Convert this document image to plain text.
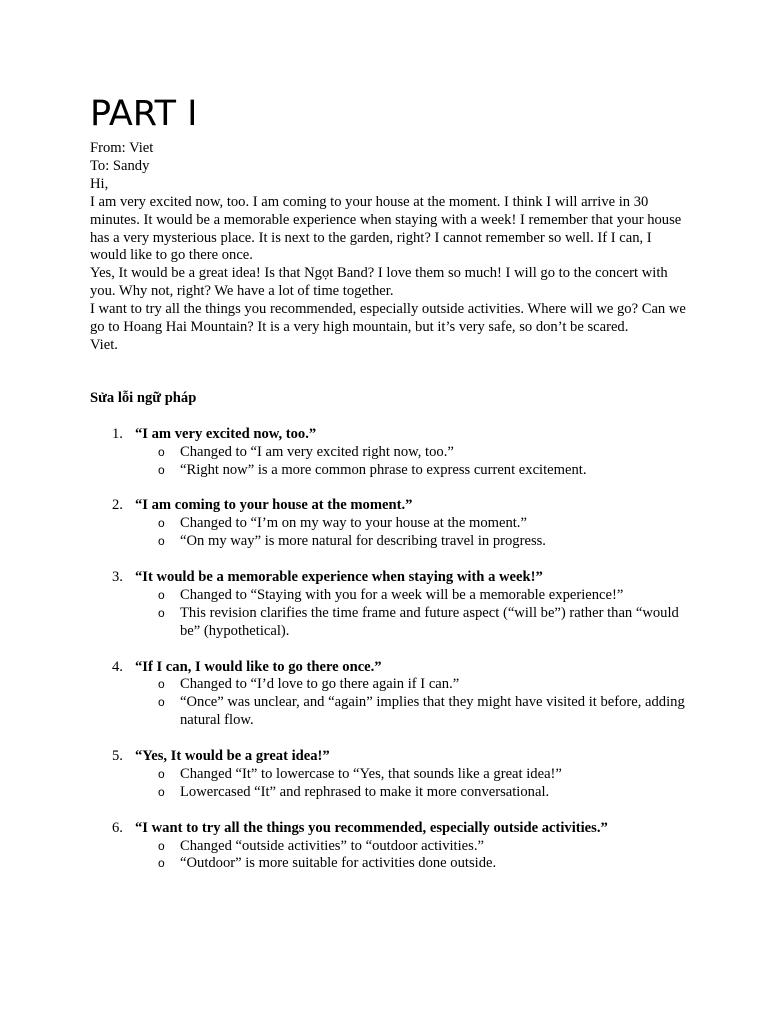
PART I

From: Viet

To: Sandy

Hi,

I am very excited now, too. I am coming to your house at the moment. I think I will arrive in 30 minutes. It would be a memorable experience when staying with a week! I remember that your house has a very mysterious place. It is next to the garden, right? I cannot remember so well. If I can, I would like to go there once.

Yes, It would be a great idea! Is that Ngọt Band? I love them so much! I will go to the concert with you. Why not, right? We have a lot of time together.

I want to try all the things you recommended, especially outside activities. Where will we go? Can we go to Hoang Hai Mountain? It is a very high mountain, but it’s very safe, so don’t be scared.

Viet.

Sửa lỗi ngữ pháp

1. “I am very excited now, too.”
o Changed to “I am very excited right now, too.”
o “Right now” is a more common phrase to express current excitement.
2. “I am coming to your house at the moment.”
o Changed to “I’m on my way to your house at the moment.”
o “On my way” is more natural for describing travel in progress.
3. “It would be a memorable experience when staying with a week!”
o Changed to “Staying with you for a week will be a memorable experience!”
o This revision clarifies the time frame and future aspect (“will be”) rather than “would be” (hypothetical).
4. “If I can, I would like to go there once.”
o Changed to “I’d love to go there again if I can.”
o “Once” was unclear, and “again” implies that they might have visited it before, adding natural flow.
5. “Yes, It would be a great idea!”
o Changed “It” to lowercase to “Yes, that sounds like a great idea!”
o Lowercased “It” and rephrased to make it more conversational.
6. “I want to try all the things you recommended, especially outside activities.”
o Changed “outside activities” to “outdoor activities.”
o “Outdoor” is more suitable for activities done outside.
